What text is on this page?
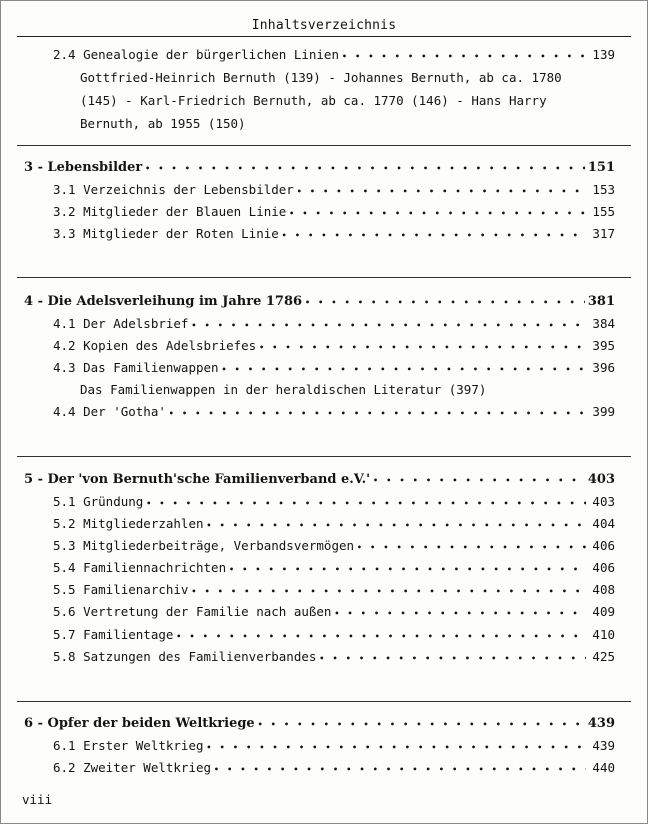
Inhaltsverzeichnis
2.4 Genealogie der bürgerlichen Linien • • •	139
Gottfried-Heinrich Bernuth (139) - Johannes Bernuth, ab ca. 1780
(145) - Karl-Friedrich Bernuth, ab ca. 1770 (146) - Hans Harry
Bernuth, ab 1955 (150)
3 - Lebensbilder • • •	151
3.1 Verzeichnis der Lebensbilder • • •	153
3.2 Mitglieder der Blauen Linie • • •	155
3.3 Mitglieder der Roten Linie • • •	317
4 - Die Adelsverleihung im Jahre 1786 • • •	381
4.1 Der Adelsbrief • • •	384
4.2 Kopien des Adelsbriefes • • •	395
4.3 Das Familienwappen • • •	396
Das Familienwappen in der heraldischen Literatur (397)
4.4 Der 'Gotha' • • •	399
5 - Der 'von Bernuth'sche Familienverband e.V.' • • •	403
5.1 Gründung • • •	403
5.2 Mitgliederzahlen • • •	404
5.3 Mitgliederbeiträge, Verbandsvermögen • • •	406
5.4 Familiennachrichten • • •	406
5.5 Familienarchiv • • •	408
5.6 Vertretung der Familie nach außen • • •	409
5.7 Familientage • • •	410
5.8 Satzungen des Familienverbandes • • •	425
6 - Opfer der beiden Weltkriege • • •	439
6.1 Erster Weltkrieg • • •	439
6.2 Zweiter Weltkrieg • • •	440
viii
